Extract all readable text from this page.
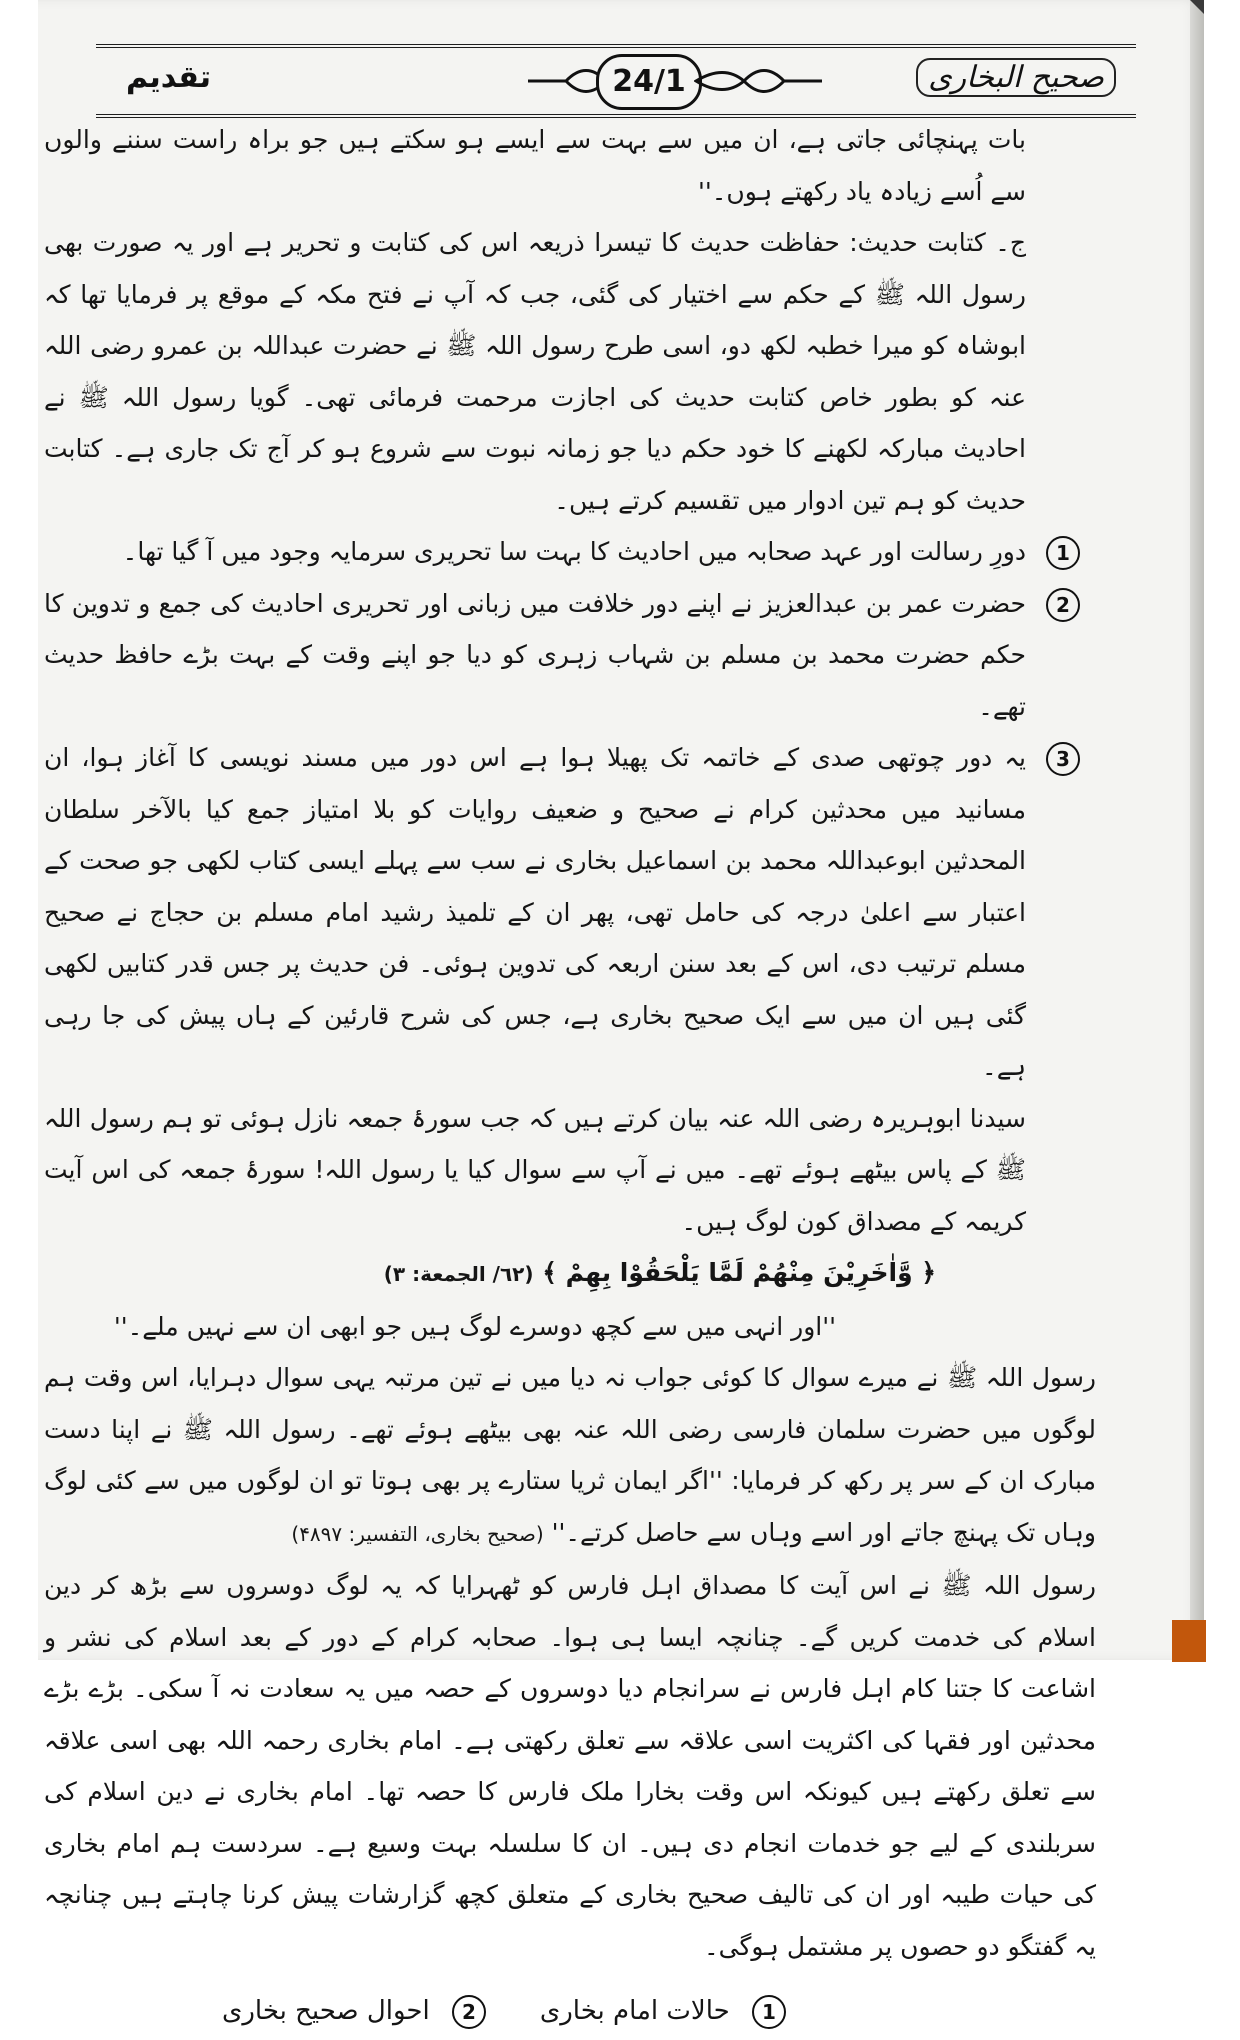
تقدیم	24/1	صحیح البخاری

بات پہنچائی جاتی ہے، ان میں سے بہت سے ایسے ہو سکتے ہیں جو براہ راست سننے والوں سے اُسے زیادہ یاد رکھتے ہوں۔''

ج۔ کتابت حدیث: حفاظت حدیث کا تیسرا ذریعہ اس کی کتابت و تحریر ہے اور یہ صورت بھی رسول اللہ ﷺ کے حکم سے اختیار کی گئی، جب کہ آپ نے فتح مکہ کے موقع پر فرمایا تھا کہ ابوشاہ کو میرا خطبہ لکھ دو، اسی طرح رسول اللہ ﷺ نے حضرت عبداللہ بن عمرو رضی اللہ عنہ کو بطور خاص کتابت حدیث کی اجازت مرحمت فرمائی تھی۔ گویا رسول اللہ ﷺ نے احادیث مبارکہ لکھنے کا خود حکم دیا جو زمانہ نبوت سے شروع ہو کر آج تک جاری ہے۔ کتابت حدیث کو ہم تین ادوار میں تقسیم کرتے ہیں۔

1
دورِ رسالت اور عہد صحابہ میں احادیث کا بہت سا تحریری سرمایہ وجود میں آ گیا تھا۔

2
حضرت عمر بن عبدالعزیز نے اپنے دور خلافت میں زبانی اور تحریری احادیث کی جمع و تدوین کا حکم حضرت محمد بن مسلم بن شہاب زہری کو دیا جو اپنے وقت کے بہت بڑے حافظ حدیث تھے۔

3
یہ دور چوتھی صدی کے خاتمہ تک پھیلا ہوا ہے اس دور میں مسند نویسی کا آغاز ہوا، ان مسانید میں محدثین کرام نے صحیح و ضعیف روایات کو بلا امتیاز جمع کیا بالآخر سلطان المحدثین ابوعبداللہ محمد بن اسماعیل بخاری نے سب سے پہلے ایسی کتاب لکھی جو صحت کے اعتبار سے اعلیٰ درجہ کی حامل تھی، پھر ان کے تلمیذ رشید امام مسلم بن حجاج نے صحیح مسلم ترتیب دی، اس کے بعد سنن اربعہ کی تدوین ہوئی۔ فن حدیث پر جس قدر کتابیں لکھی گئی ہیں ان میں سے ایک صحیح بخاری ہے، جس کی شرح قارئین کے ہاں پیش کی جا رہی ہے۔

سیدنا ابوہریرہ رضی اللہ عنہ بیان کرتے ہیں کہ جب سورۂ جمعہ نازل ہوئی تو ہم رسول اللہ ﷺ کے پاس بیٹھے ہوئے تھے۔ میں نے آپ سے سوال کیا یا رسول اللہ! سورۂ جمعہ کی اس آیت کریمہ کے مصداق کون لوگ ہیں۔

﴿ وَّاٰخَرِيْنَ مِنْهُمْ لَمَّا يَلْحَقُوْا بِهِمْ ﴾ (٦٢/ الجمعة: ٣)

''اور انہی میں سے کچھ دوسرے لوگ ہیں جو ابھی ان سے نہیں ملے۔''

رسول اللہ ﷺ نے میرے سوال کا کوئی جواب نہ دیا میں نے تین مرتبہ یہی سوال دہرایا، اس وقت ہم لوگوں میں حضرت سلمان فارسی رضی اللہ عنہ بھی بیٹھے ہوئے تھے۔ رسول اللہ ﷺ نے اپنا دست مبارک ان کے سر پر رکھ کر فرمایا: ''اگر ایمان ثریا ستارے پر بھی ہوتا تو ان لوگوں میں سے کئی لوگ وہاں تک پہنچ جاتے اور اسے وہاں سے حاصل کرتے۔'' (صحیح بخاری، التفسیر: ۴۸۹۷)

رسول اللہ ﷺ نے اس آیت کا مصداق اہل فارس کو ٹھہرایا کہ یہ لوگ دوسروں سے بڑھ کر دین اسلام کی خدمت کریں گے۔ چنانچہ ایسا ہی ہوا۔ صحابہ کرام کے دور کے بعد اسلام کی نشر و اشاعت کا جتنا کام اہل فارس نے سرانجام دیا دوسروں کے حصہ میں یہ سعادت نہ آ سکی۔ بڑے بڑے محدثین اور فقہا کی اکثریت اسی علاقہ سے تعلق رکھتی ہے۔ امام بخاری رحمہ اللہ بھی اسی علاقہ سے تعلق رکھتے ہیں کیونکہ اس وقت بخارا ملک فارس کا حصہ تھا۔ امام بخاری نے دین اسلام کی سربلندی کے لیے جو خدمات انجام دی ہیں۔ ان کا سلسلہ بہت وسیع ہے۔ سردست ہم امام بخاری کی حیات طیبہ اور ان کی تالیف صحیح بخاری کے متعلق کچھ گزارشات پیش کرنا چاہتے ہیں چنانچہ یہ گفتگو دو حصوں پر مشتمل ہوگی۔

1 حالات امام بخاری
2 احوال صحیح بخاری
